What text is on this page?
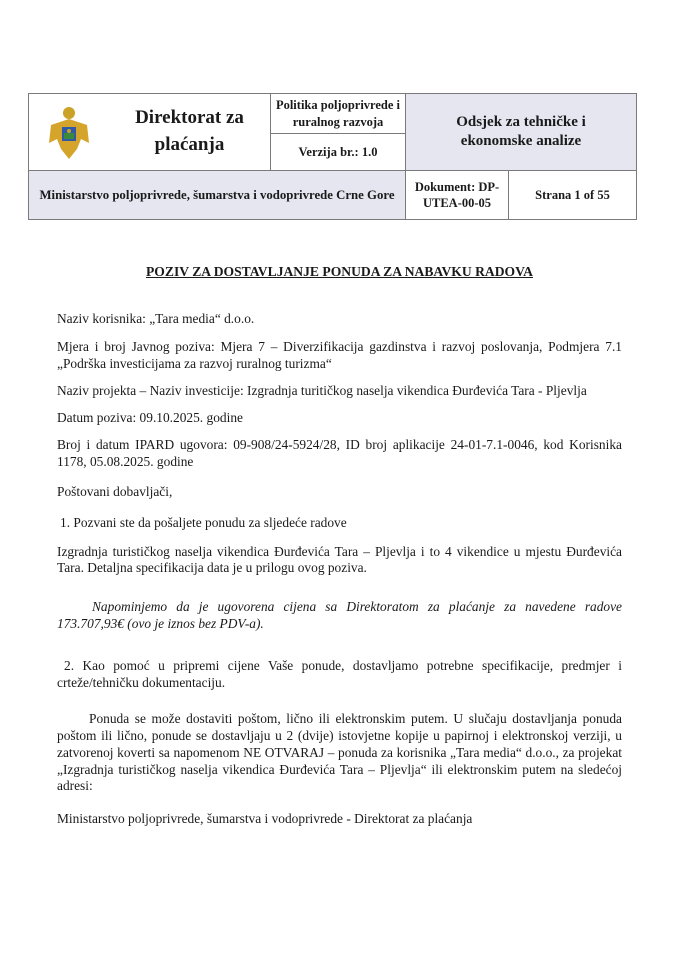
Direktorat za plaćanja
Politika poljoprivrede i ruralnog razvoja
Verzija br.: 1.0
Odsjek za tehničke i ekonomske analize
Ministarstvo poljoprivrede, šumarstva i vodoprivrede Crne Gore
Dokument: DP-UTEA-00-05
Strana 1 of 55
POZIV ZA DOSTAVLJANJE PONUDA ZA NABAVKU RADOVA
Naziv korisnika: „Tara media“ d.o.o.
Mjera i broj Javnog poziva: Mjera 7 – Diverzifikacija gazdinstva i razvoj poslovanja, Podmjera 7.1
„Podrška investicijama za razvoj ruralnog turizma“
Naziv projekta – Naziv investicije: Izgradnja turitičkog naselja vikendica Đurđevića Tara - Pljevlja
Datum poziva: 09.10.2025. godine
Broj i datum IPARD ugovora: 09-908/24-5924/28, ID broj aplikacije 24-01-7.1-0046, kod Korisnika
1178, 05.08.2025. godine
Poštovani dobavljači,
1. Pozvani ste da pošaljete ponudu za sljedeće radove
Izgradnja turističkog naselja vikendica Đurđevića Tara – Pljevlja i to 4 vikendice u mjestu Đurđevića
Tara. Detaljna specifikacija data je u prilogu ovog poziva.
Napominjemo da je ugovorena cijena sa Direktoratom za plaćanje za navedene radove
173.707,93€ (ovo je iznos bez PDV-a).
2. Kao pomoć u pripremi cijene Vaše ponude, dostavljamo potrebne specifikacije, predmjer i
crteže/tehničku dokumentaciju.
Ponuda se može dostaviti poštom, lično ili elektronskim putem. U slučaju dostavljanja ponuda
poštom ili lično, ponude se dostavljaju u 2 (dvije) istovjetne kopije u papirnoj i elektronskoj verziji, u
zatvorenoj koverti sa napomenom NE OTVARAJ – ponuda za korisnika „Tara media“ d.o.o., za projekat
„Izgradnja turističkog naselja vikendica Đurđevića Tara – Pljevlja“ ili elektronskim putem na sledećoj
adresi:
Ministarstvo poljoprivrede, šumarstva i vodoprivrede - Direktorat za plaćanja
